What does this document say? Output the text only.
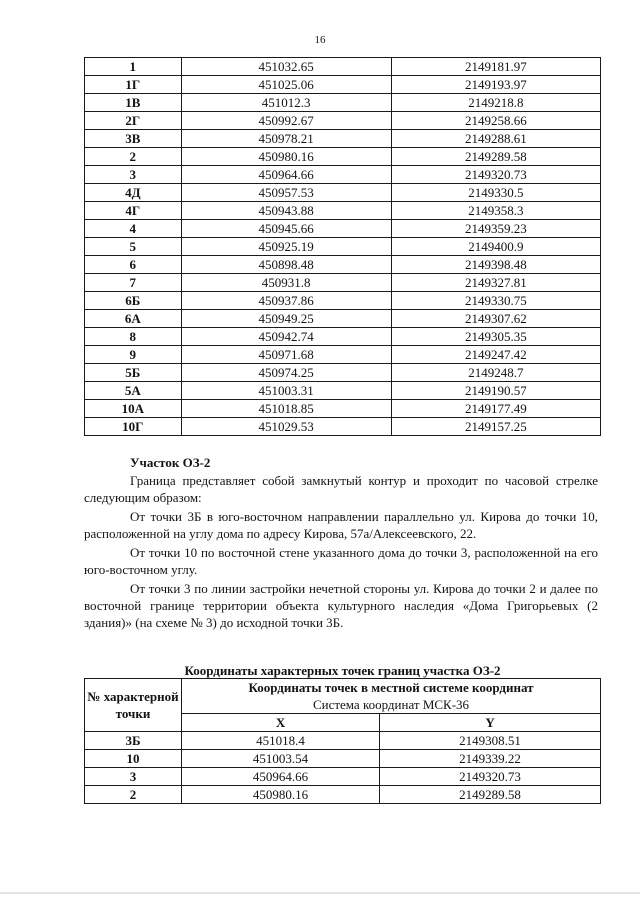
16
1	451032.65	2149181.97
1Г	451025.06	2149193.97
1В	451012.3	2149218.8
2Г	450992.67	2149258.66
3В	450978.21	2149288.61
2	450980.16	2149289.58
3	450964.66	2149320.73
4Д	450957.53	2149330.5
4Г	450943.88	2149358.3
4	450945.66	2149359.23
5	450925.19	2149400.9
6	450898.48	2149398.48
7	450931.8	2149327.81
6Б	450937.86	2149330.75
6А	450949.25	2149307.62
8	450942.74	2149305.35
9	450971.68	2149247.42
5Б	450974.25	2149248.7
5А	451003.31	2149190.57
10А	451018.85	2149177.49
10Г	451029.53	2149157.25
Участок ОЗ-2

Граница представляет собой замкнутый контур и проходит по часовой стрелке следующим образом:

От точки 3Б в юго-восточном направлении параллельно ул. Кирова до точки 10, расположенной на углу дома по адресу Кирова, 57а/Алексеевского, 22.

От точки 10 по восточной стене указанного дома до точки 3, расположенной на его юго-восточном углу.

От точки 3 по линии застройки нечетной стороны ул. Кирова до точки 2 и далее по восточной границе территории объекта культурного наследия «Дома Григорьевых (2 здания)» (на схеме № 3) до исходной точки 3Б.

Координаты характерных точек границ участка ОЗ-2
№ характерной точки	Координаты точек в местной системе координат
Система координат МСК-36	
	X	Y
3Б	451018.4	2149308.51
10	451003.54	2149339.22
3	450964.66	2149320.73
2	450980.16	2149289.58
